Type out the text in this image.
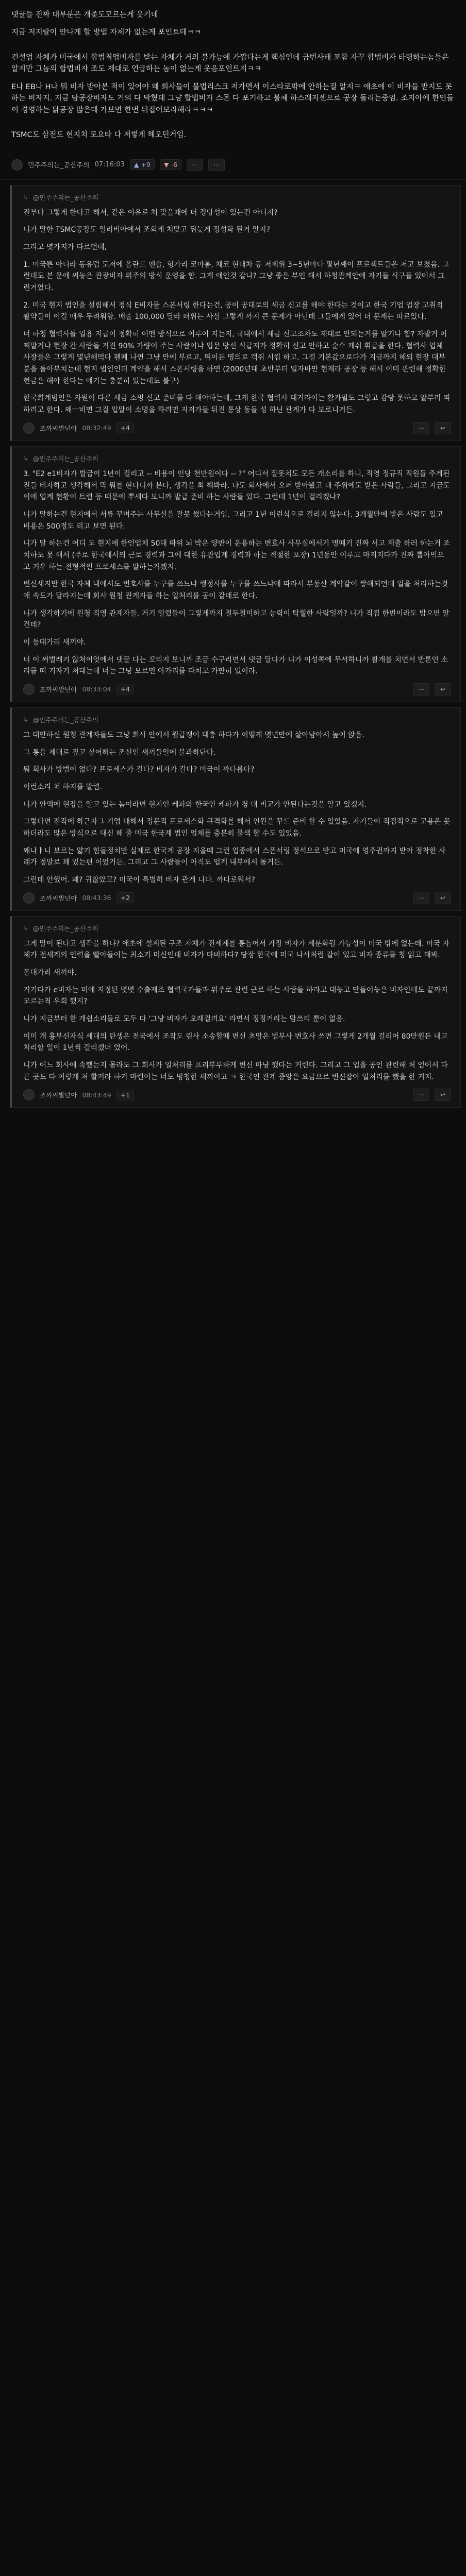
댓글들 진짜 대부분은 개좆도모르는게 웃기네

지금 저지랄이 안나게 할 방법 자체가 없는게 포인트데ㅋㅋ

건설업 자체가 미국에서 합법취업비자를 받는 자체가 거의 불가능에 가깝다는게 핵심인데 금번사태 포함 자꾸 합법비자 타령하는놈들은 알지만 그놈의 합법비자 조도 제대로 언급하는 놈이 없는게 웃음포인트지ㅋㅋ

E나 EB나 H나 뭐 비자 받아본 적이 있어야 왜 회사들이 불법리스크 저가면서 이스타로밖에 안하는질 알지ㅋ 애초에 이 비자들 받지도 못하는 비자지. 지금 담공장비자도 거의 다 막혔데 그냥 합법비자 스몬 다 포기하고 불체 하스래지센으로 공장 돌리는중임. 조지아에 한인들이 경영하는 닭공장 많은데 가보면 한번 뒤집어보라해라ㅋㅋㅋ

TSMC도 삼전도 현지치 토요타 다 저렇게 해오던거임.

민주주의는_공산주의 07:16:03 ▲ +9 ▼ -6 ⋯	⋯
↳ @민주주의는_공산주의

전부다 그렇게 한다고 해서, 같은 이유로 처 맞을때에 더 정당성이 있는건 아니지?

니가 말한 TSMC공장도 일리비아에서 조회게 처맞고 뒤늦게 정성화 된거 알지?

그리고 몇가지가 다르던데,

1. 미국쁜 아니라 동유럽 도저에 폴란드 엔솔, 헝가리 코마롬, 체코 현대차 등 저제위 3~5년마다 몇년째이 프로젝트들은 저고 보쳤음. 그런데도 본 문에 써놓은 관광비자 위주의 방식 운영을 함. 그게 애인것 같나? 그냥 좋은 부인 해서 하청관계안에 자기들 식구들 있어서 그런거였다.

2. 미국 현지 법인을 설립해서 정식 E비자를 스폰서링 한다는건, 공이 공대로의 세금 신고를 해야 한다는 것이고 한국 기업 업장 고취적 활약들이 이걸 매우 두려워함. 매출 100,000 달라 떠위는 사실 그렇게 까지 큰 문제가 아닌데 그들에게 있어 더 문제는 따로있다.

너 하청 협력사들 일용 지급이 정확히 어떤 방식으로 이루어 지는지, 국내에서 세금 신고조차도 제대로 안되는거를 알기나 함? 자발거 어쩌말거냐 현장 간 사람들 거진 90% 가량이 주는 사람이냐 입문 방신 식급저가 정확히 신고 안하고 순수 캐쉬 휘급을 한다. 협력사 업체 사장들은 그렇게 몇년해먹다 팬폐 나면 그냥 만에 부르고, 뛰이든 명의로 객쥐 시킴 하고. 그걸 기본값으로다가 지금까지 해외 현장 대부분을 돌아부치는데 현지 법인인더 계약을 해서 스폰서링을 하면 (2000년대 초반부터 일자바만 현재라 공장 등 해서 이미 관련해 정확한 현금은 해야 한다는 얘기는 충분히 있는데도 불구)

한국회계범인은 자원이 다른 세금 소멍 신고 준비를 다 해야하는데, 그게 한국 협력사 대거라이는 활카필도 그렇고 감당 못하고 알부러 피하려고 한다. 왜ㅡ비면 그걸 입말이 소명을 하려면 지저가들 뒤진 통상 동들 성 하닌 관계가 다 보로니거든.

조까씨발넌아 08:32:49	+4	⋯	↩
↳ @민주주의는_공산주의

3. "E2 e1비자가 발급이 1년이 걸리고 -- 비용이 인당 천만원이다 -- ?" 어디서 잘못치도 모든 개소리를 하니, 직영 정규직 직원들 주게된 진들 비자하고 생각해서 막 뭐를 현다니까 본다, 생각을 최 해봐라. 나도 회사에서 오퍼 받아봤고 내 주위에도 받은 사람들, 그리고 지금도 이에 업계 현황이 트렴 등 때문에 뿌세다 보니까 발급 준비 하는 사람들 있다. 그런데 1년이 걸리겠냐?

니가 말하는건 현지에서 서류 꾸며주는 사무실을 잘못 썼다는거임. 그리고 1년 이런식으로 걸리지 않는다. 3개월만에 받은 사람도 있고 비용은 500정도 리고 보면 된다.

니가 말 하는건 어디 도 현지에 한인업체 50대 따위 뇌 박은 양반이 운용하는 변호사 사무실에서기 멍때기 진짜 서고 제출 하러 하는거 조치하도 못 해서 (주로 한국에서의 근로 경력과 그에 대한 유관업계 경력과 하는 적절한 포장) 1년동안 이루고 마지지다가 진짜 뽑아먹으고 거우 하는 전형적인 프로세스를 말하는거겠지.

변신세지만 한국 자체 내에서도 변호사를 누구를 쓰느냐 행정사를 누구를 쓰느냐에 따라서 부동산 계약같이 쌓해되던데 일을 처리하는것에 속도가 달라지는데 회사 원청 관계자들 하는 일처리를 공이 같데로 한다.

니가 생각하기에 원청 직영 관계자들, 거기 일렀들이 그렇게까지 철두철미하고 능력이 탁월한 사람일까? 니가 직접 한번이라도 밥으면 알건데?

이 등대가리 새끼야.

너 이 써벌레기 않쳐이엇에서 댓글 다는 꼬리지 보니까 조금 수구리면서 댓글 달다가 니가 이성쪽에 무서하니까 활개를 치면서 반론인 소리를 떠 기자기 처대는데 너는 그냥 모르면 아가리를 다치고 가만히 있어라.

조까씨발넌아 08:33:04	+4	⋯	↩
↳ @민주주의는_공산주의

그 대안하신 원청 관계자들도 그냥 회사 안에서 월급쟁이 대충 하다가 어떻게 몇년만에 살아남아서 높이 앉음.

그 통을 제대로 짚고 싶어하는 조선인 새끼들일에 불과하단다.

뭐 회사가 방법이 없다? 프로세스가 길다? 비자가 갈다? 미국이 까다롭다?

이런소리 쳐 하지를 말렴.

니가 안엑에 현장을 알고 있는 놈이라면 현지인 케파와 한국인 케파가 청 대 비교가 안된다는것을 알고 있겠지.

그렇다면 진작에 하근자그 기업 대해서 정문적 프로세스화 규격화를 해서 인원을 꾸드 준비 할 수 있었음. 자기들이 직접적으로 고용은 못하더라도 많은 방식으로 대신 해 줄 미국 한국계 법인 업체를 충분히 물색 할 수도 있었음.

왜나ㅑ니 보르는 얇기 힘들정치만 실제로 한국계 공장 지을때 그런 업종에서 스폰서링 정석으로 받고 미국에 영주권까지 받아 정착한 사례가 정말로 꽤 있는편 이었거든. 그리고 그 사람들이 아직도 업계 내부에서 돌거든.

그런데 안했어. 왜? 귀찮았고? 미국이 특별히 비자 관게 니다. 까다로워서?

조까씨발넌아 08:43:36	+2	⋯	↩
↳ @민주주의는_공산주의

그게 말이 된다고 생각을 하냐? 애초에 설계된 구조 자체가 전세계를 통틀어서 가장 비자가 세분화될 가능성이 미국 밖에 없는데. 미국 자체가 전세계의 인력을 빨아들이는 최소기 머신인데 비자가 마비하다? 당장 한국에 미국 나사처럼 같이 있고 비자 종류를 청 읽고 해봐.

돌대가리 새끼야.

거기다가 e비자는 미에 지정된 몇몇 수출제조 협력국가들과 위주로 관련 근로 하는 사람들 하라고 대놓고 만들어놓은 비자인데도 끝까지 모르는척 우회 했지?

니가 지금부터 한 개쉽소리들로 모두 다 '그냥 비자가 오래걸려요' 라면서 징징거리는 맘쓰리 뿐이 없음.

이미 개 흉부신자식 세대의 탄생은 전국에서 조작도 린사 소송할때 변신 초망은 법무사 변호사 쓰면 그렇게 2개월 걸리어 80만원든 내고 처리할 일이 1년씩 걸리겠더 었어.

니가 어느 회사에 속했는지 몰라도 그 회사가 일처리를 프리부투하게 변신 마냥 했다는 거련다. 그리고 그 업을 공인 관련해 처 얻어서 다른 곳도 다 이렇게 처 할거라 하기 마련이는 너도 멍청한 새끼이고 ㅋ 한국인 관계 중앙은 요금으로 변신잡아 일처리를 했을 한 거지.

조까씨발넌아 08:43:49	+1	⋯	↩
